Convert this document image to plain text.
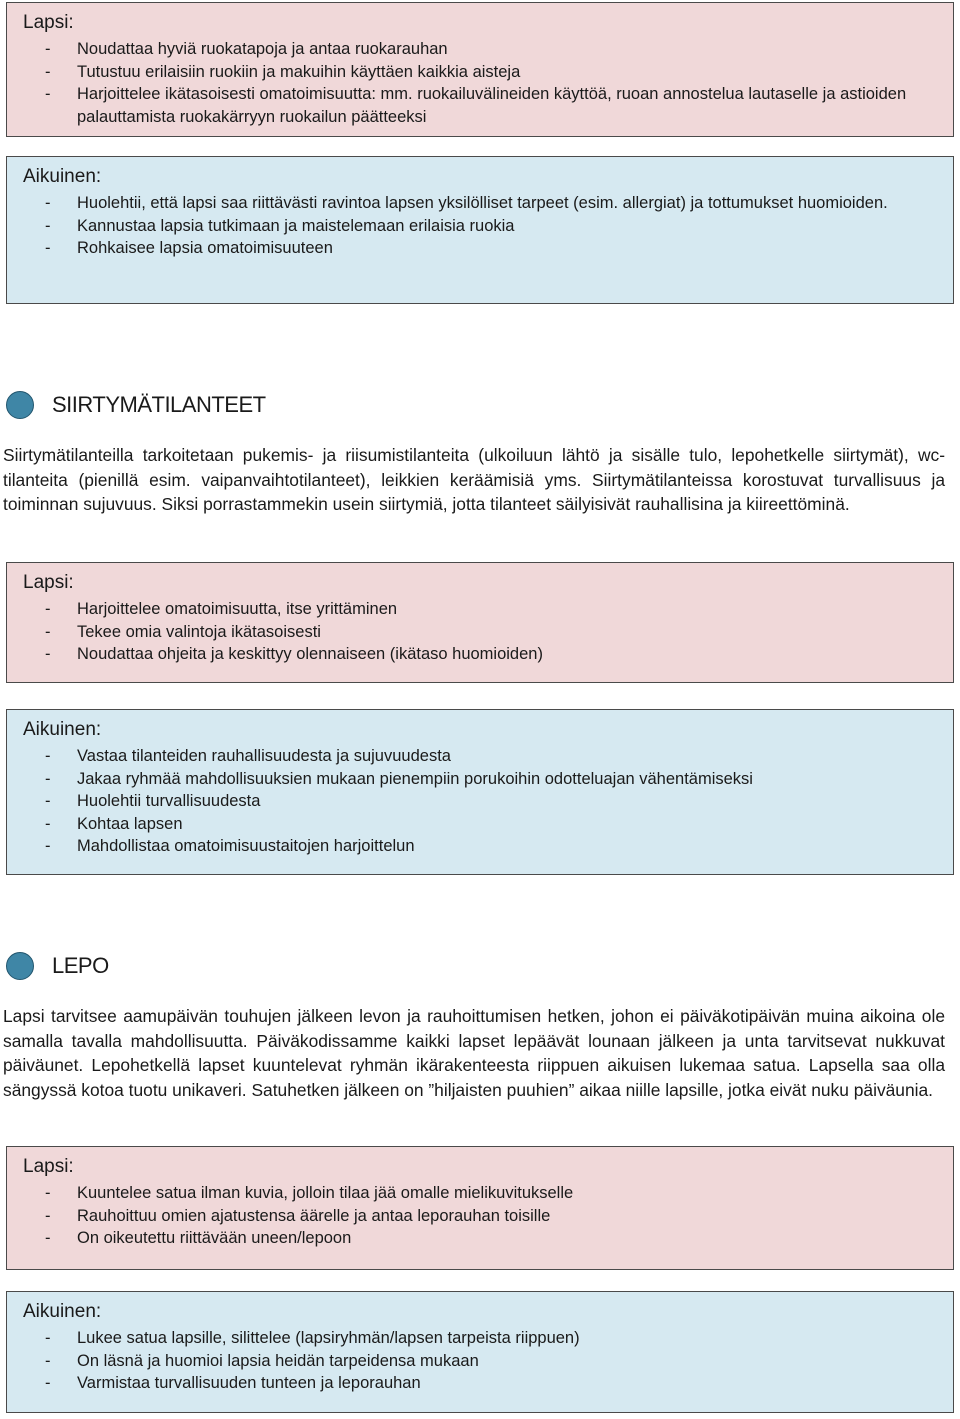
Lapsi:
- Noudattaa hyviä ruokatapoja ja antaa ruokarauhan
- Tutustuu erilaisiin ruokiin ja makuihin käyttäen kaikkia aisteja
- Harjoittelee ikätasoisesti omatoimisuutta: mm. ruokailuvälineiden käyttöä, ruoan annostelua lautaselle ja astioiden palauttamista ruokakärryyn ruokailun päätteeksi
Aikuinen:
- Huolehtii, että lapsi saa riittävästi ravintoa lapsen yksilölliset tarpeet (esim. allergiat) ja tottumukset huomioiden.
- Kannustaa lapsia tutkimaan ja maistelemaan erilaisia ruokia
- Rohkaisee lapsia omatoimisuuteen
SIIRTYMÄTILANTEET

Siirtymätilanteilla tarkoitetaan pukemis- ja riisumistilanteita (ulkoiluun lähtö ja sisälle tulo, lepohetkelle siirtymät), wc-tilanteita (pienillä esim. vaipanvaihtotilanteet), leikkien keräämisiä yms. Siirtymätilanteissa korostuvat turvallisuus ja toiminnan sujuvuus. Siksi porrastammekin usein siirtymiä, jotta tilanteet säilyisivät rauhallisina ja kiireettöminä.

Lapsi:
- Harjoittelee omatoimisuutta, itse yrittäminen
- Tekee omia valintoja ikätasoisesti
- Noudattaa ohjeita ja keskittyy olennaiseen (ikätaso huomioiden)
Aikuinen:
- Vastaa tilanteiden rauhallisuudesta ja sujuvuudesta
- Jakaa ryhmää mahdollisuuksien mukaan pienempiin porukoihin odotteluajan vähentämiseksi
- Huolehtii turvallisuudesta
- Kohtaa lapsen
- Mahdollistaa omatoimisuustaitojen harjoittelun
LEPO

Lapsi tarvitsee aamupäivän touhujen jälkeen levon ja rauhoittumisen hetken, johon ei päiväkotipäivän muina aikoina ole samalla tavalla mahdollisuutta. Päiväkodissamme kaikki lapset lepäävät lounaan jälkeen ja unta tarvitsevat nukkuvat päiväunet. Lepohetkellä lapset kuuntelevat ryhmän ikärakenteesta riippuen aikuisen lukemaa satua. Lapsella saa olla sängyssä kotoa tuotu unikaveri. Satuhetken jälkeen on ”hiljaisten puuhien” aikaa niille lapsille, jotka eivät nuku päiväunia.

Lapsi:
- Kuuntelee satua ilman kuvia, jolloin tilaa jää omalle mielikuvitukselle
- Rauhoittuu omien ajatustensa äärelle ja antaa leporauhan toisille
- On oikeutettu riittävään uneen/lepoon
Aikuinen:
- Lukee satua lapsille, silittelee (lapsiryhmän/lapsen tarpeista riippuen)
- On läsnä ja huomioi lapsia heidän tarpeidensa mukaan
- Varmistaa turvallisuuden tunteen ja leporauhan
